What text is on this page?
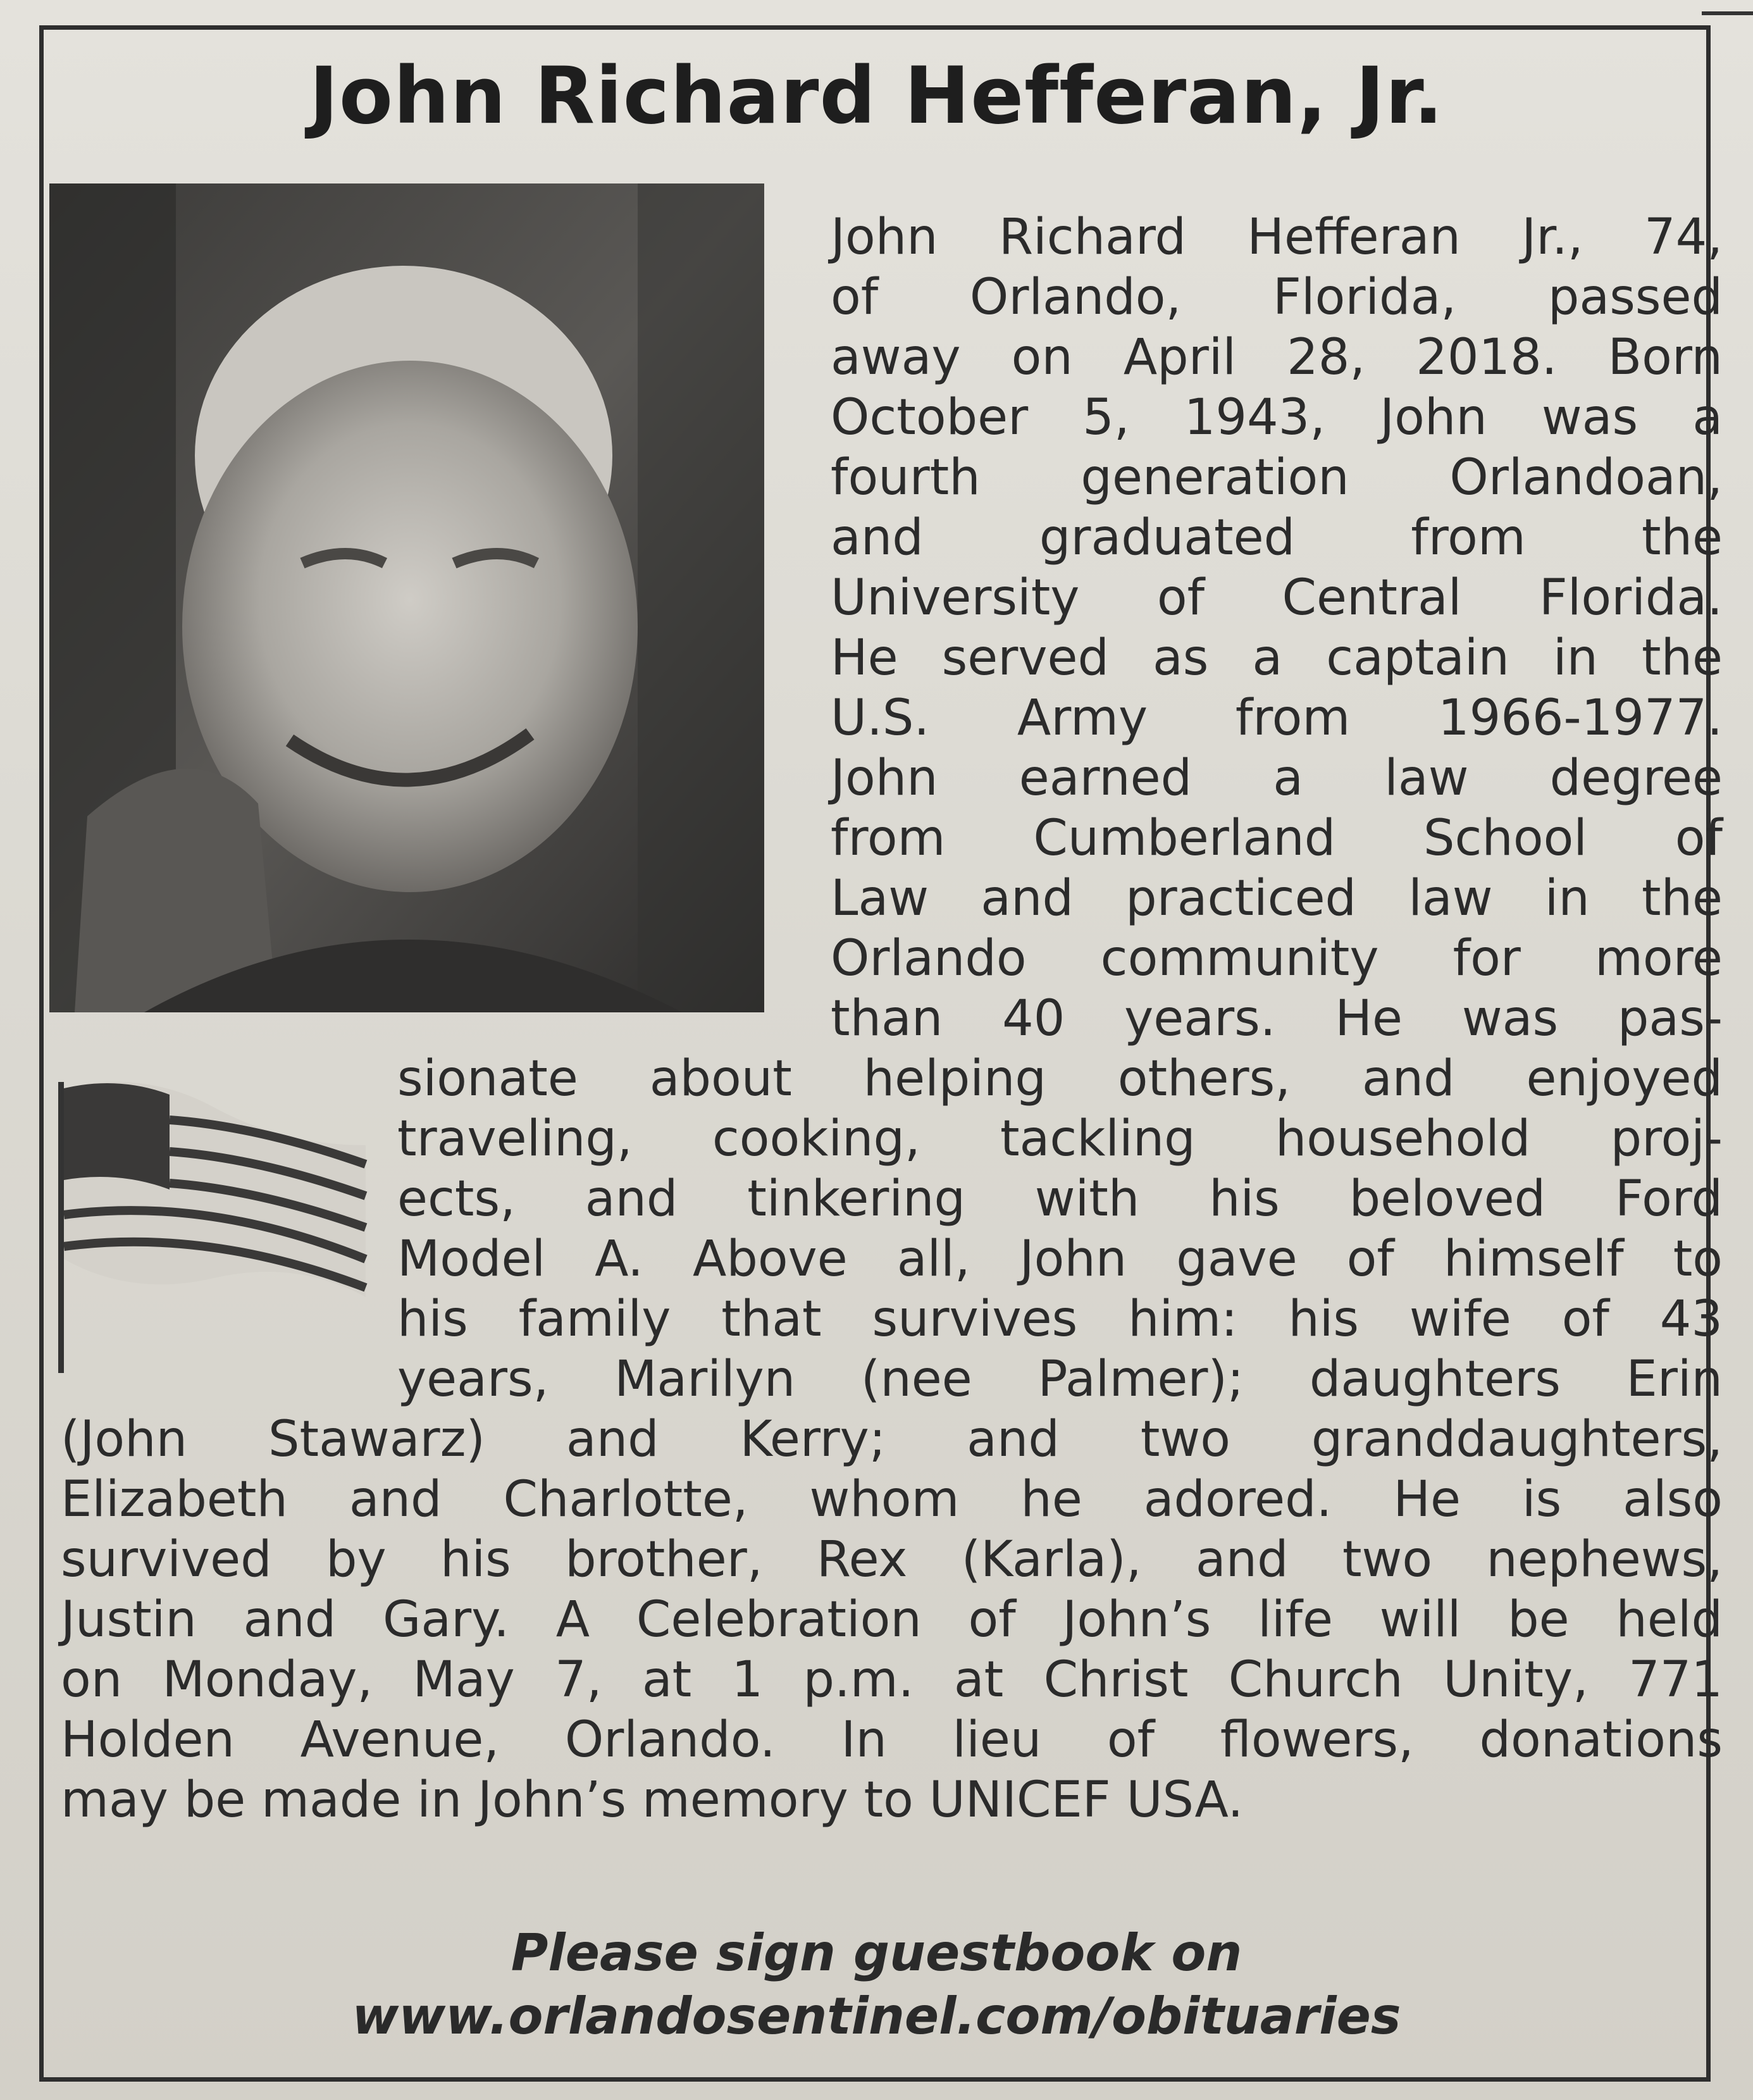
John Richard Hefferan, Jr.
John Richard Hefferan Jr., 74,
of Orlando, Florida, passed
away on April 28, 2018. Born
October 5, 1943, John was a
fourth generation Orlandoan,
and graduated from the
University of Central Florida.
He served as a captain in the
U.S. Army from 1966-1977.
John earned a law degree
from Cumberland School of
Law and practiced law in the
Orlando community for more
than 40 years. He was pas-
sionate about helping others, and enjoyed
traveling, cooking, tackling household proj-
ects, and tinkering with his beloved Ford
Model A. Above all, John gave of himself to
his family that survives him: his wife of 43
years, Marilyn (nee Palmer); daughters Erin
(John Stawarz) and Kerry; and two granddaughters,
Elizabeth and Charlotte, whom he adored. He is also
survived by his brother, Rex (Karla), and two nephews,
Justin and Gary. A Celebration of John’s life will be held
on Monday, May 7, at 1 p.m. at Christ Church Unity, 771
Holden Avenue, Orlando. In lieu of flowers, donations
may be made in John’s memory to UNICEF USA.
Please sign guestbook on
www.orlandosentinel.com/obituaries
